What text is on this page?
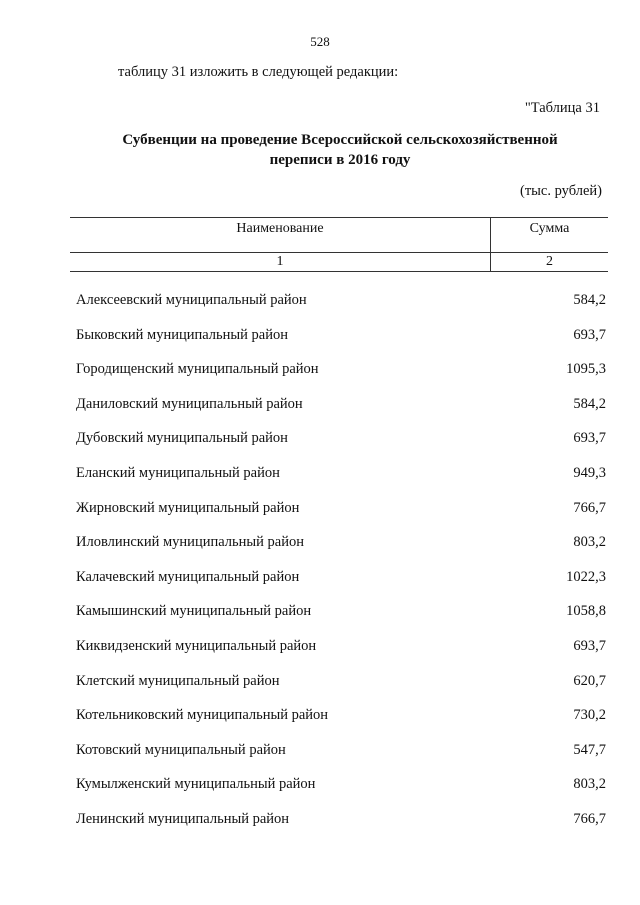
528
таблицу 31 изложить в следующей редакции:
"Таблица 31
Субвенции на проведение Всероссийской сельскохозяйственной
переписи в 2016 году
(тыс. рублей)
Наименование	Сумма
1	2
Алексеевский муниципальный район	584,2
Быковский муниципальный район	693,7
Городищенский муниципальный район	1095,3
Даниловский муниципальный район	584,2
Дубовский муниципальный район	693,7
Еланский муниципальный район	949,3
Жирновский муниципальный район	766,7
Иловлинский муниципальный район	803,2
Калачевский муниципальный район	1022,3
Камышинский муниципальный район	1058,8
Киквидзенский муниципальный район	693,7
Клетский муниципальный район	620,7
Котельниковский муниципальный район	730,2
Котовский муниципальный район	547,7
Кумылженский муниципальный район	803,2
Ленинский муниципальный район	766,7
